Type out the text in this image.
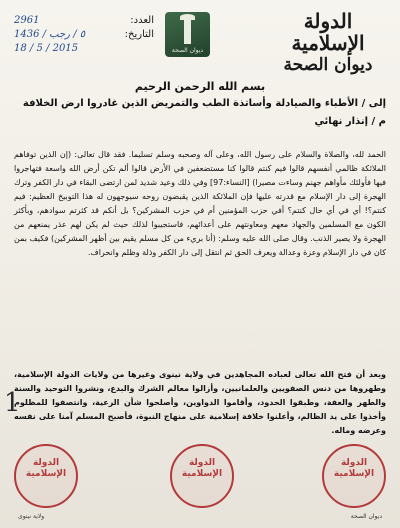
الدولة الإسلامية
ديوان الصحة
ديوان الصحة
العدد:
2961
التاريخ:
٥ / رجب / 1436
2015 / 5 / 18
بسم الله الرحمن الرحيم
إلى / الأطباء والصيادلة وأساتذة الطب والتمريض الذين غادروا ارض الخلافة
م / إنذار نهائي
الحمد لله، والصلاة والسلام على رسول الله، وعلى آله وصحبه وسلم تسليما. فقد قال تعالى: (إن الذين توفاهم الملائكة ظالمي أنفسهم قالوا فيم كنتم قالوا كنا مستضعفين في الأرض قالوا ألم تكن أرض الله واسعة فتهاجروا فيها فأولئك مأواهم جهنم وساءت مصيرا) [النساء:97] وفي ذلك وعيد شديد لمن ارتضى البقاء في دار الكفر وترك الهجرة إلى دار الإسلام مع قدرته عليها فإن الملائكة الذين يقبضون روحه سيوجهون له هذا التوبيخ العظيم: فيم كنتم؟! أي في أي حال كنتم؟ أفي حزب المؤمنين أم في حزب المشركين؟ بل أنكم قد كثرتم سوادهم، وبأكثر الكون مع المسلمين والجهاد معهم ومعاونتهم على أعدائهم، فاستجيبوا لذلك حيث لم يكن لهم عذر يمنعهم من الهجرة ولا يصير الذنب. وقال صلى الله عليه وسلم: (أنا بريء من كل مسلم يقيم بين أظهر المشركين) فكيف بمن كان في دار الإسلام وعزة وعدالة ويعرف الحق ثم انتقل إلى دار الكفر وذلة وظلم وانحراف.
وبعد أن فتح الله تعالى لعباده المجاهدين في ولاية نينوى وغيرها من ولايات الدولة الإسلامية، وطهروها من دنس الصفويين والعلمانيين، وأزالوا معالم الشرك والبدع، ونشروا التوحيد والسنة والطهر والعفة، وطبقوا الحدود، وأقاموا الدواوين، وأصلحوا شأن الرعية، وانتصفوا للمظلوم وأخذوا على يد الظالم، وأعلنوا خلافة إسلامية على منهاج النبوة، فأصبح المسلم آمنا على نفسه وعرضه وماله.
1
الدولة الإسلامية
الدولة الإسلامية
الدولة الإسلامية
ولاية نينوى	ديوان الصحة
